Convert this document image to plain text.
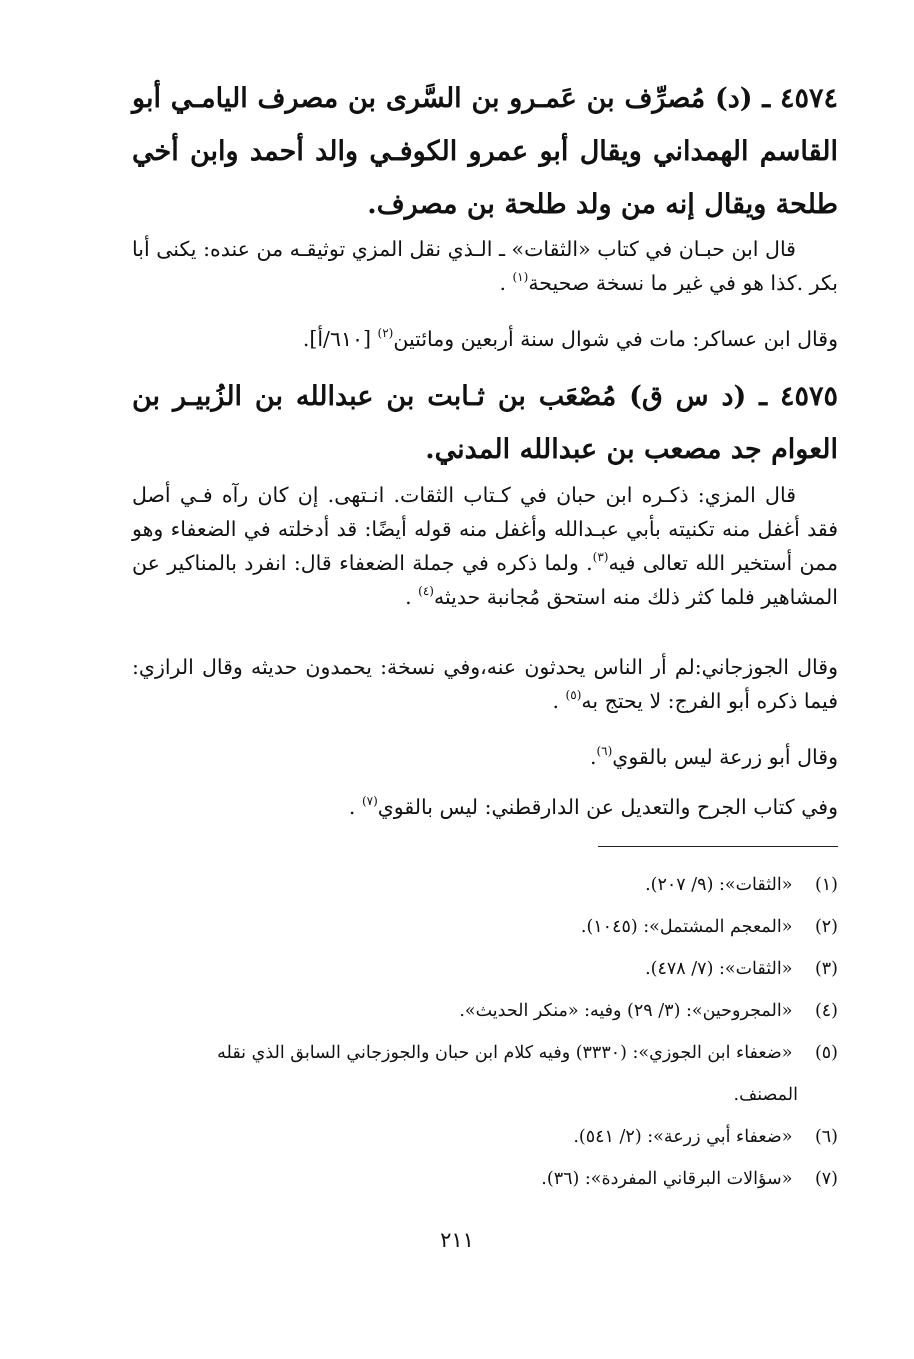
٤٥٧٤ ـ (د) مُصرِّف بن عَمـرو بن السَّرى بن مصرف اليامـي أبو القاسم الهمداني ويقال أبو عمرو الكوفـي والد أحمد وابن أخي طلحة ويقال إنه من ولد طلحة بن مصرف.

قال ابن حبـان في كتاب «الثقات» ـ الـذي نقل المزي توثيقـه من عنده: يكنى أبا بكر .كذا هو في غير ما نسخة صحيحة$^{(١)}$ .

وقال ابن عساكر: مات في شوال سنة أربعين ومائتين$^{(٢)}$ [٦١٠/أ].

٤٥٧٥ ـ (د س ق) مُصْعَب بن ثـابت بن عبدالله بن الزُبيـر بن العوام جد مصعب بن عبدالله المدني.

قال المزي: ذكـره ابن حبان في كـتاب الثقات. انـتهى. إن كان رآه فـي أصل فقد أغفل منه تكنيته بأبي عبـدالله وأغفل منه قوله أيضًا: قد أدخلته في الضعفاء وهو ممن أستخير الله تعالى فيه$^{(٣)}$. ولما ذكره في جملة الضعفاء قال: انفرد بالمناكير عن المشاهير فلما كثر ذلك منه استحق مُجانبة حديثه$^{(٤)}$ .

وقال الجوزجاني:لم أر الناس يحدثون عنه،وفي نسخة: يحمدون حديثه وقال الرازي: فيما ذكره أبو الفرج: لا يحتج به$^{(٥)}$ .

وقال أبو زرعة ليس بالقوي$^{(٦)}$.

وفي كتاب الجرح والتعديل عن الدارقطني: ليس بالقوي$^{(٧)}$ .

(١) «الثقات»: (٩/ ٢٠٧).
(٢) «المعجم المشتمل»: (١٠٤٥).
(٣) «الثقات»: (٧/ ٤٧٨).
(٤) «المجروحين»: (٣/ ٢٩) وفيه: «منكر الحديث».
(٥) «ضعفاء ابن الجوزي»: (٣٣٣٠) وفيه كلام ابن حبان والجوزجاني السابق الذي نقله
المصنف.
(٦) «ضعفاء أبي زرعة»: (٢/ ٥٤١).
(٧) «سؤالات البرقاني المفردة»: (٣٦).
٢١١
